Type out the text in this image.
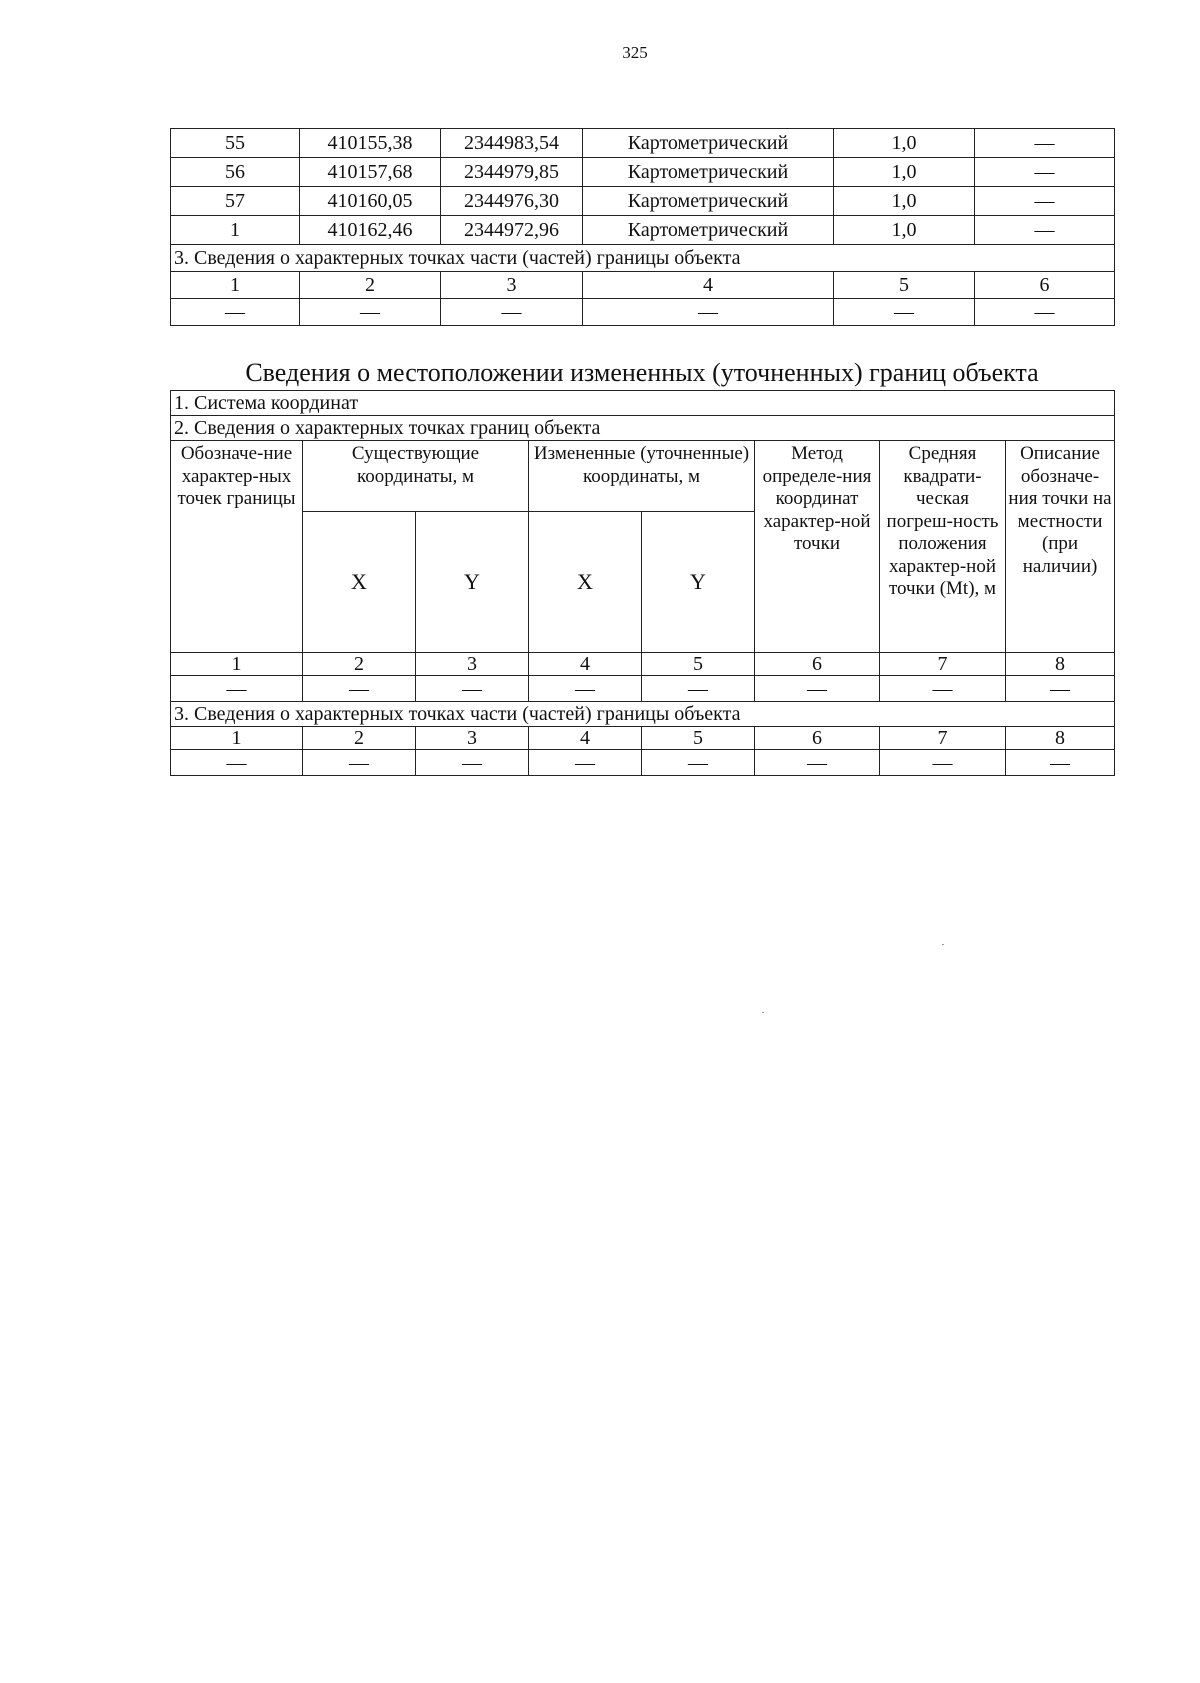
325
55	410155,38	2344983,54	Картометрический	1,0	—
56	410157,68	2344979,85	Картометрический	1,0	—
57	410160,05	2344976,30	Картометрический	1,0	—
1	410162,46	2344972,96	Картометрический	1,0	—
3. Сведения о характерных точках части (частей) границы объекта					
1	2	3	4	5	6
—	—	—	—	—	—
Сведения о местоположении измененных (уточненных) границ объекта
1. Система координат							
2. Сведения о характерных точках границ объекта							
Обозначе-ние характер-ных точек границы	Существующие координаты, м		Измененные (уточненные) координаты, м		Метод определе-ния координат характер-ной точки	Средняя квадрати-ческая погреш-ность положения характер-ной точки (Mt), м	Описание обозначе-ния точки на местности (при наличии)
	X	Y	X	Y			
1	2	3	4	5	6	7	8
—	—	—	—	—	—	—	—
3. Сведения о характерных точках части (частей) границы объекта							
1	2	3	4	5	6	7	8
—	—	—	—	—	—	—	—
